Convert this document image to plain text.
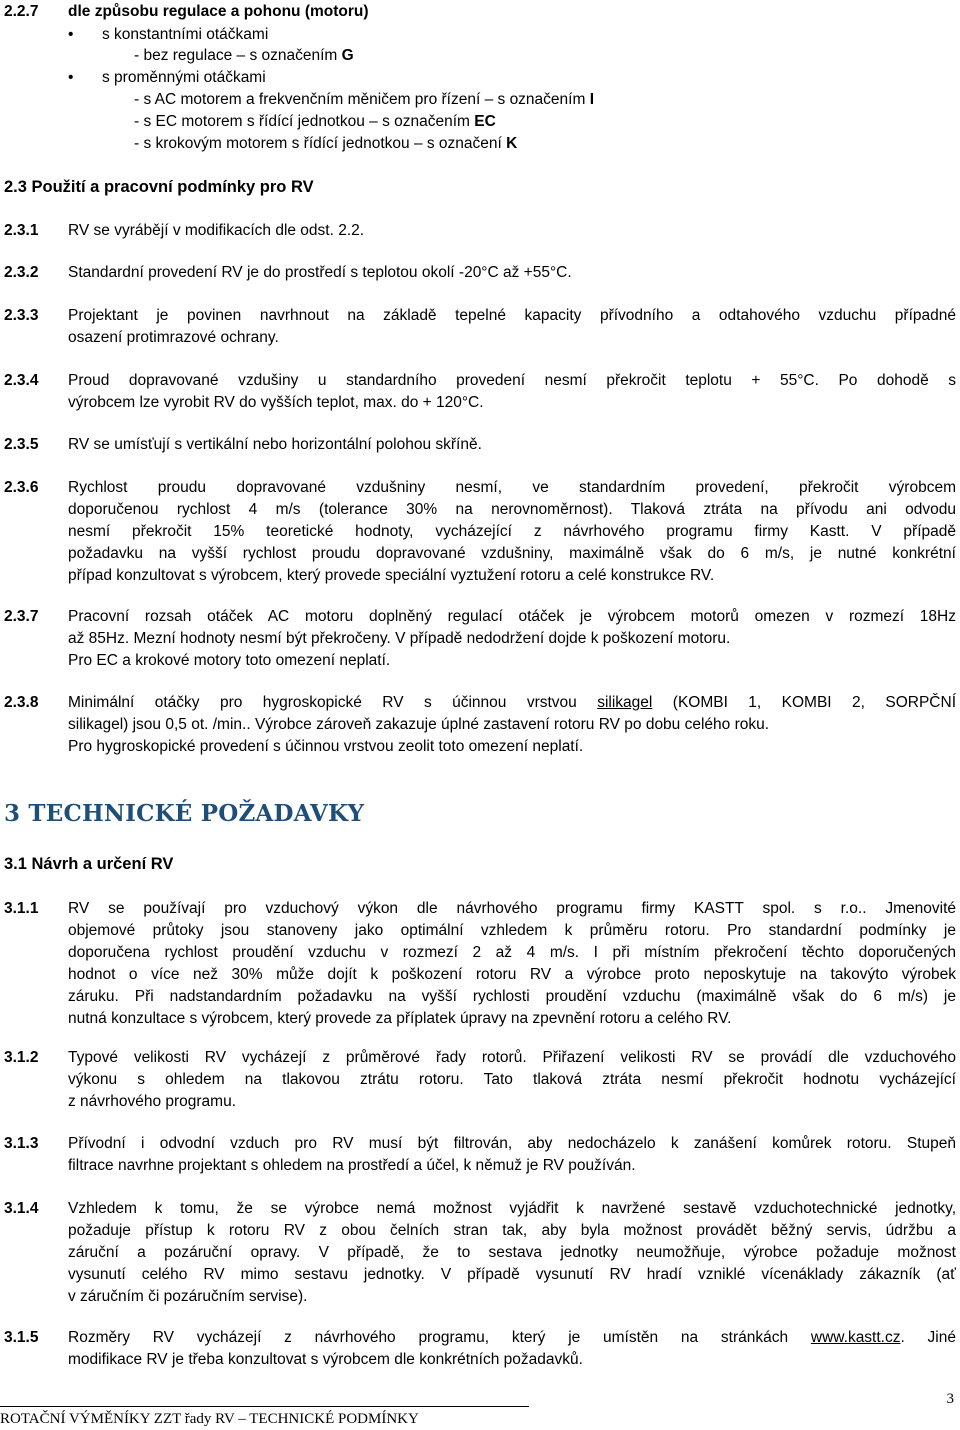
2.2.7 dle způsobu regulace a pohonu (motoru)
• s konstantními otáčkami
- bez regulace – s označením G
• s proměnnými otáčkami
- s AC motorem a frekvenčním měničem pro řízení – s označením I
- s EC motorem s řídící jednotkou – s označením EC
- s krokovým motorem s řídící jednotkou – s označení K
2.3 Použití a pracovní podmínky pro RV
2.3.1 RV se vyrábějí v modifikacích dle odst. 2.2.
2.3.2 Standardní provedení RV je do prostředí s teplotou okolí -20°C až +55°C.
2.3.3 Projektant je povinen navrhnout na základě tepelné kapacity přívodního a odtahového vzduchu případné
osazení protimrazové ochrany.
2.3.4 Proud dopravované vzdušiny u standardního provedení nesmí překročit teplotu + 55°C. Po dohodě s
výrobcem lze vyrobit RV do vyšších teplot, max. do + 120°C.
2.3.5 RV se umísťují s vertikální nebo horizontální polohou skříně.
2.3.6 Rychlost proudu dopravované vzdušniny nesmí, ve standardním provedení, překročit výrobcem
doporučenou rychlost 4 m/s (tolerance 30% na nerovnoměrnost). Tlaková ztráta na přívodu ani odvodu
nesmí překročit 15% teoretické hodnoty, vycházející z návrhového programu firmy Kastt. V případě
požadavku na vyšší rychlost proudu dopravované vzdušniny, maximálně však do 6 m/s, je nutné konkrétní
případ konzultovat s výrobcem, který provede speciální vyztužení rotoru a celé konstrukce RV.
2.3.7 Pracovní rozsah otáček AC motoru doplněný regulací otáček je výrobcem motorů omezen v rozmezí 18Hz
až 85Hz. Mezní hodnoty nesmí být překročeny. V případě nedodržení dojde k poškození motoru.
Pro EC a krokové motory toto omezení neplatí.
2.3.8 Minimální otáčky pro hygroskopické RV s účinnou vrstvou silikagel (KOMBI 1, KOMBI 2, SORPČNÍ
silikagel) jsou 0,5 ot. /min.. Výrobce zároveň zakazuje úplné zastavení rotoru RV po dobu celého roku.
Pro hygroskopické provedení s účinnou vrstvou zeolit toto omezení neplatí.
3 TECHNICKÉ POŽADAVKY
3.1 Návrh a určení RV
3.1.1 RV se používají pro vzduchový výkon dle návrhového programu firmy KASTT spol. s r.o.. Jmenovité
objemové průtoky jsou stanoveny jako optimální vzhledem k průměru rotoru. Pro standardní podmínky je
doporučena rychlost proudění vzduchu v rozmezí 2 až 4 m/s. I při místním překročení těchto doporučených
hodnot o více než 30% může dojít k poškození rotoru RV a výrobce proto neposkytuje na takovýto výrobek
záruku. Při nadstandardním požadavku na vyšší rychlosti proudění vzduchu (maximálně však do 6 m/s) je
nutná konzultace s výrobcem, který provede za příplatek úpravy na zpevnění rotoru a celého RV.
3.1.2 Typové velikosti RV vycházejí z průměrové řady rotorů. Přiřazení velikosti RV se provádí dle vzduchového
výkonu s ohledem na tlakovou ztrátu rotoru. Tato tlaková ztráta nesmí překročit hodnotu vycházející
z návrhového programu.
3.1.3 Přívodní i odvodní vzduch pro RV musí být filtrován, aby nedocházelo k zanášení komůrek rotoru. Stupeň
filtrace navrhne projektant s ohledem na prostředí a účel, k němuž je RV používán.
3.1.4 Vzhledem k tomu, že se výrobce nemá možnost vyjádřit k navržené sestavě vzduchotechnické jednotky,
požaduje přístup k rotoru RV z obou čelních stran tak, aby byla možnost provádět běžný servis, údržbu a
záruční a pozáruční opravy. V případě, že to sestava jednotky neumožňuje, výrobce požaduje možnost
vysunutí celého RV mimo sestavu jednotky. V případě vysunutí RV hradí vzniklé vícenáklady zákazník (ať
v záručním či pozáručním servise).
3.1.5 Rozměry RV vycházejí z návrhového programu, který je umístěn na stránkách www.kastt.cz. Jiné
modifikace RV je třeba konzultovat s výrobcem dle konkrétních požadavků.
3
ROTAČNÍ VÝMĚNÍKY ZZT řady RV – TECHNICKÉ PODMÍNKY
